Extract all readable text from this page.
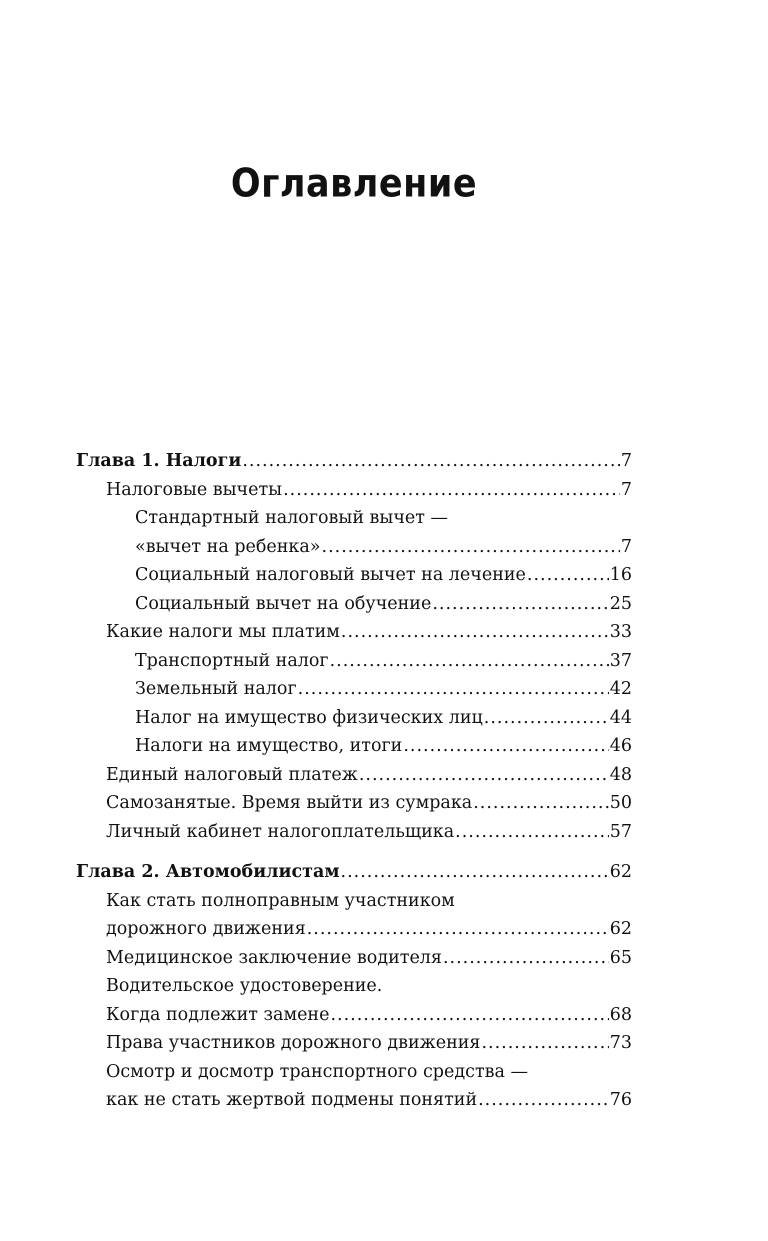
Оглавление
Глава 1. Налоги .....	7
Налоговые вычеты .....	7
Стандартный налоговый вычет —
«вычет на ребенка» .....	7
Социальный налоговый вычет на лечение .....	16
Социальный вычет на обучение .....	25
Какие налоги мы платим .....	33
Транспортный налог .....	37
Земельный налог .....	42
Налог на имущество физических лиц .....	44
Налоги на имущество, итоги .....	46
Единый налоговый платеж .....	48
Самозанятые. Время выйти из сумрака .....	50
Личный кабинет налогоплательщика .....	57
Глава 2. Автомобилистам .....	62
Как стать полноправным участником
дорожного движения .....	62
Медицинское заключение водителя .....	65
Водительское удостоверение.
Когда подлежит замене .....	68
Права участников дорожного движения .....	73
Осмотр и досмотр транспортного средства —
как не стать жертвой подмены понятий .....	76
